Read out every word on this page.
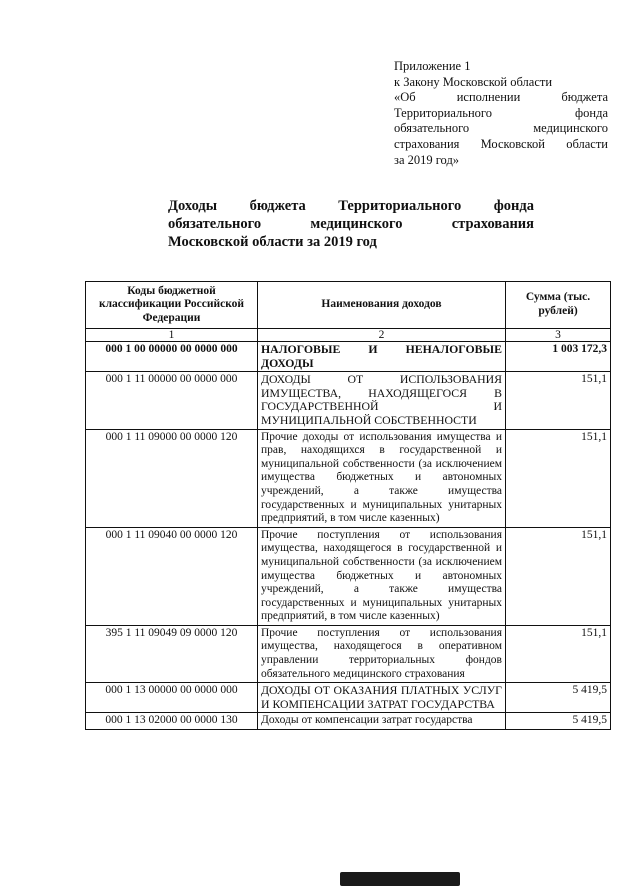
Приложение 1
к Закону Московской области
«Об исполнении бюджета
Территориального фонда
обязательного медицинского
страхования Московской области
за 2019 год»
Доходы бюджета Территориального фонда
обязательного медицинского страхования
Московской области за 2019 год
Коды бюджетной классификации Российской Федерации	Наименования доходов	Сумма (тыс. рублей)
1	2	3
000 1 00 00000 00 0000 000	НАЛОГОВЫЕ И НЕНАЛОГОВЫЕ ДОХОДЫ	1 003 172,3
000 1 11 00000 00 0000 000	ДОХОДЫ ОТ ИСПОЛЬЗОВАНИЯ ИМУЩЕСТВА, НАХОДЯЩЕГОСЯ В ГОСУДАРСТВЕННОЙ И МУНИЦИПАЛЬНОЙ СОБСТВЕННОСТИ	151,1
000 1 11 09000 00 0000 120	Прочие доходы от использования имущества и прав, находящихся в государственной и муниципальной собственности (за исключением имущества бюджетных и автономных учреждений, а также имущества государственных и муниципальных унитарных предприятий, в том числе казенных)	151,1
000 1 11 09040 00 0000 120	Прочие поступления от использования имущества, находящегося в государственной и муниципальной собственности (за исключением имущества бюджетных и автономных учреждений, а также имущества государственных и муниципальных унитарных предприятий, в том числе казенных)	151,1
395 1 11 09049 09 0000 120	Прочие поступления от использования имущества, находящегося в оперативном управлении территориальных фондов обязательного медицинского страхования	151,1
000 1 13 00000 00 0000 000	ДОХОДЫ ОТ ОКАЗАНИЯ ПЛАТНЫХ УСЛУГ И КОМПЕНСАЦИИ ЗАТРАТ ГОСУДАРСТВА	5 419,5
000 1 13 02000 00 0000 130	Доходы от компенсации затрат государства	5 419,5
